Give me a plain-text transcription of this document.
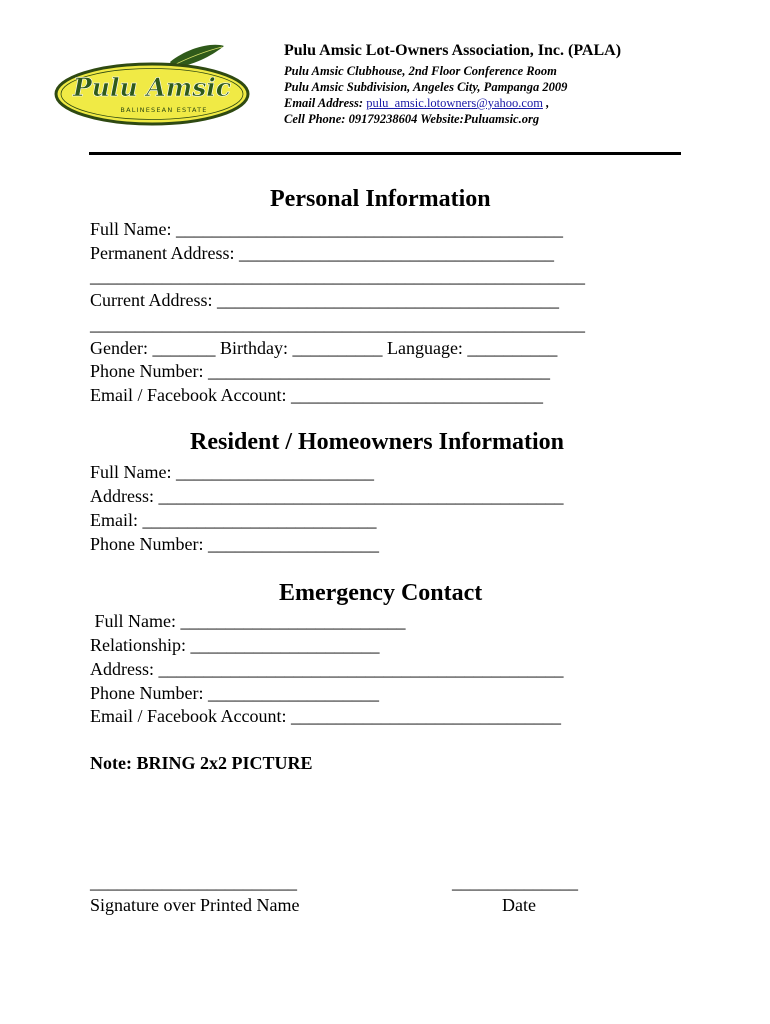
Pulu Amsic
BALINESEAN ESTATE
Pulu Amsic Lot-Owners Association, Inc. (PALA)
Pulu Amsic Clubhouse, 2nd Floor Conference Room
Pulu Amsic Subdivision, Angeles City, Pampanga 2009
Email Address: pulu_amsic.lotowners@yahoo.com ,
Cell Phone: 09179238604 Website:Puluamsic.org
Personal Information
Full Name: ___________________________________________
Permanent Address: ___________________________________
_______________________________________________________
Current Address: ______________________________________
_______________________________________________________
Gender: _______ Birthday: __________ Language: __________
Phone Number: ______________________________________
Email / Facebook Account: ____________________________
Resident / Homeowners Information
Full Name: ______________________
Address: _____________________________________________
Email: __________________________
Phone Number: ___________________
Emergency Contact
Full Name: _________________________
Relationship: _____________________
Address: _____________________________________________
Phone Number: ___________________
Email / Facebook Account: ______________________________
Note: BRING 2x2 PICTURE
_______________________
Signature over Printed Name
______________
Date
